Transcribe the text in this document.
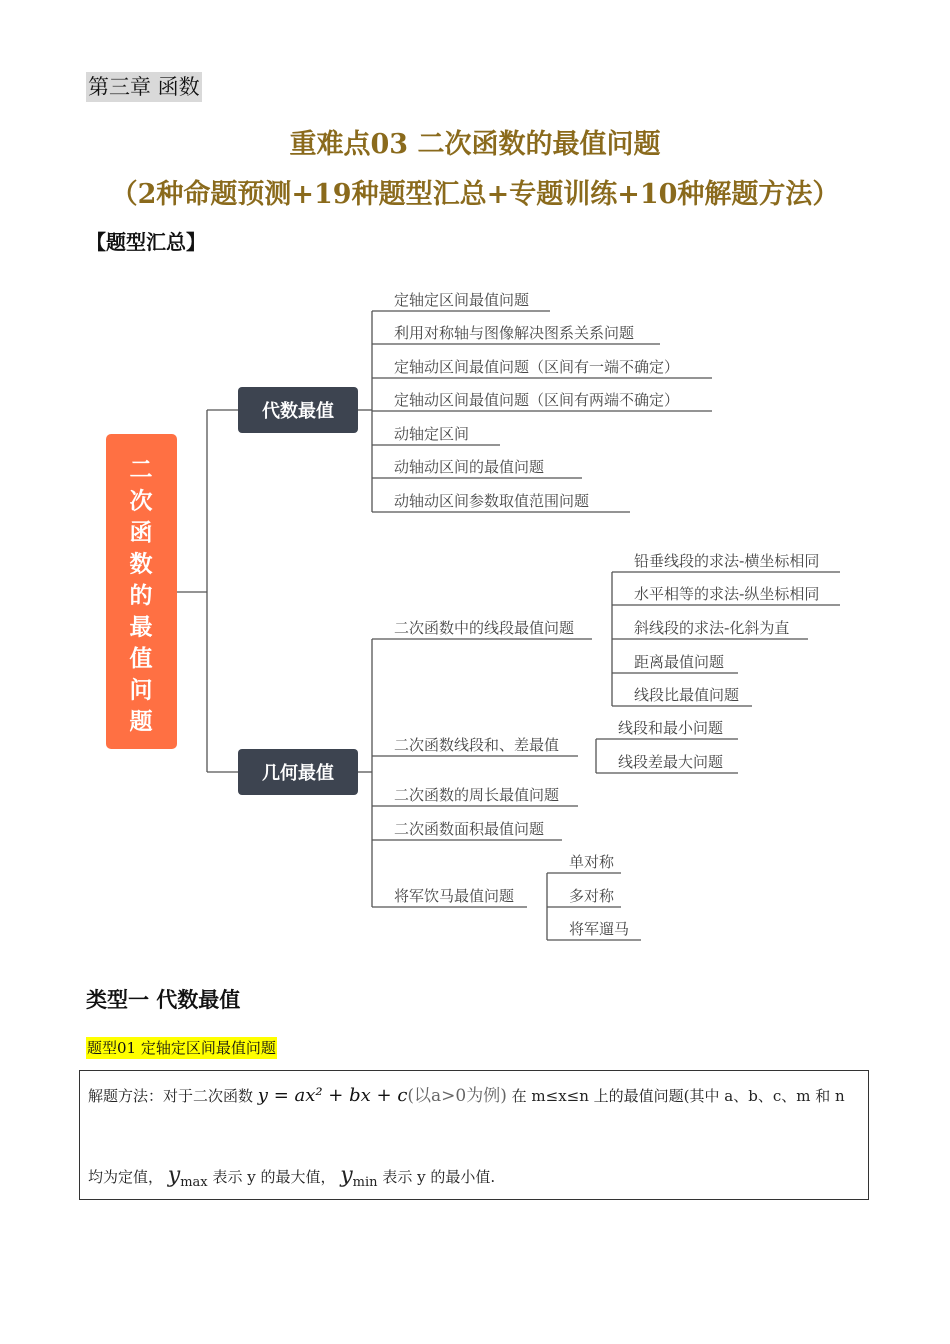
第三章 函数
重难点03 二次函数的最值问题
（2种命题预测+19种题型汇总+专题训练+10种解题方法）
【题型汇总】
二
次
函
数
的
最
值
问
题
代数最值
几何最值
定轴定区间最值问题
利用对称轴与图像解决图系关系问题
定轴动区间最值问题（区间有一端不确定）
定轴动区间最值问题（区间有两端不确定）
动轴定区间
动轴动区间的最值问题
动轴动区间参数取值范围问题
二次函数中的线段最值问题
二次函数线段和、差最值
二次函数的周长最值问题
二次函数面积最值问题
将军饮马最值问题
铅垂线段的求法-横坐标相同
水平相等的求法-纵坐标相同
斜线段的求法-化斜为直
距离最值问题
线段比最值问题
线段和最小问题
线段差最大问题
单对称
多对称
将军遛马
类型一 代数最值
题型01 定轴定区间最值问题
解题方法：对于二次函数 y = ax² + bx + c(以a>0为例) 在 m≤x≤n 上的最值问题(其中 a、b、c、m 和 n
均为定值， ymax 表示 y 的最大值， ymin 表示 y 的最小值.
